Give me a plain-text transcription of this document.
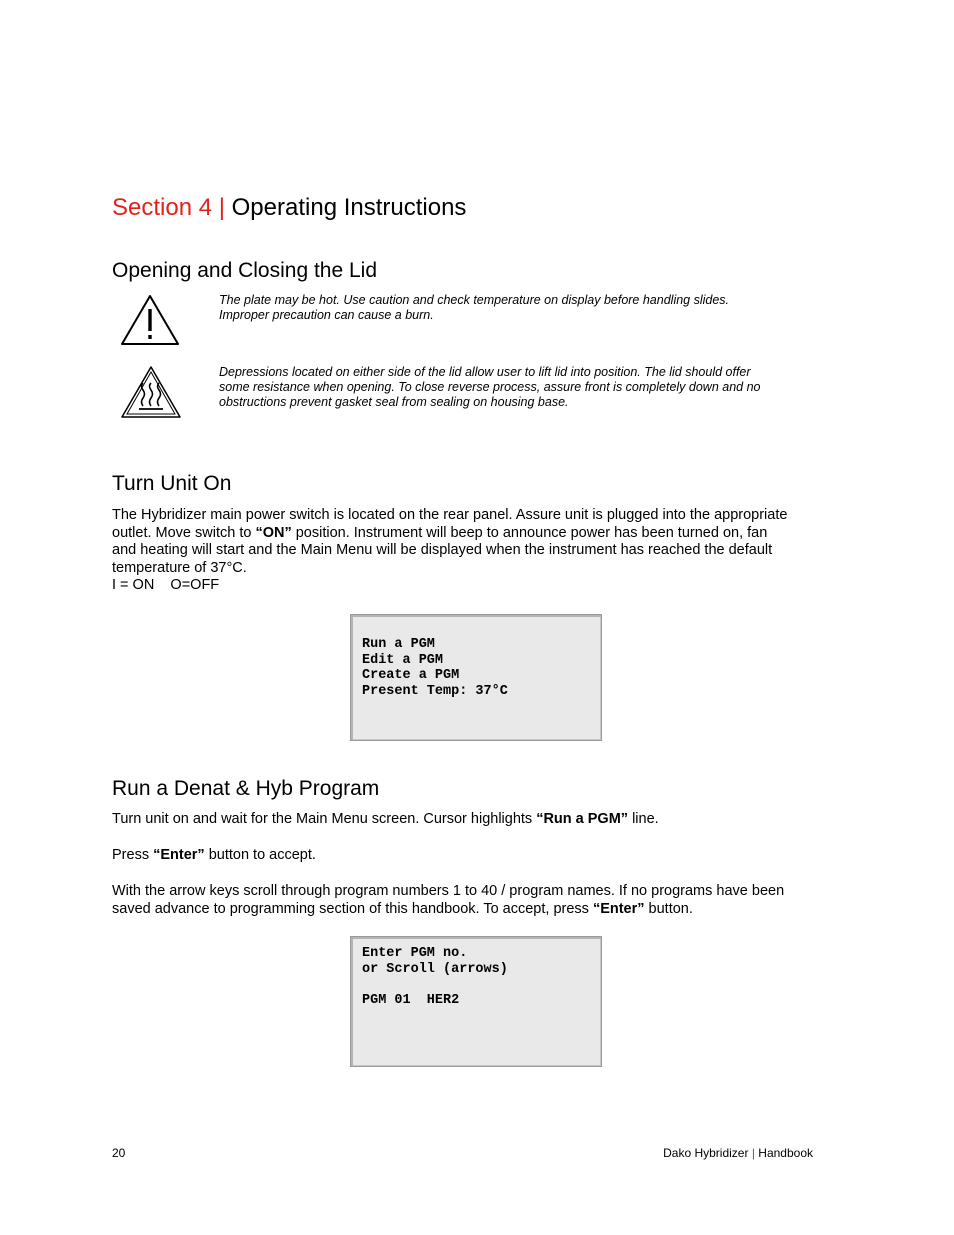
Section 4 | Operating Instructions
Opening and Closing the Lid
The plate may be hot. Use caution and check temperature on display before handling slides.
Improper precaution can cause a burn.
Depressions located on either side of the lid allow user to lift lid into position. The lid should offer
some resistance when opening. To close reverse process, assure front is completely down and no
obstructions prevent gasket seal from sealing on housing base.
Turn Unit On
The Hybridizer main power switch is located on the rear panel. Assure unit is plugged into the appropriate
outlet. Move switch to “ON” position. Instrument will beep to announce power has been turned on, fan
and heating will start and the Main Menu will be displayed when the instrument has reached the default
temperature of 37°C.
I = ON    O=OFF
Run a PGM
Edit a PGM
Create a PGM
Present Temp: 37°C
Run a Denat & Hyb Program
Turn unit on and wait for the Main Menu screen. Cursor highlights “Run a PGM” line.
Press “Enter” button to accept.
With the arrow keys scroll through program numbers 1 to 40 / program names. If no programs have been
saved advance to programming section of this handbook. To accept, press “Enter” button.
Enter PGM no.
or Scroll (arrows)
PGM 01  HER2
20	Dako Hybridizer | Handbook
